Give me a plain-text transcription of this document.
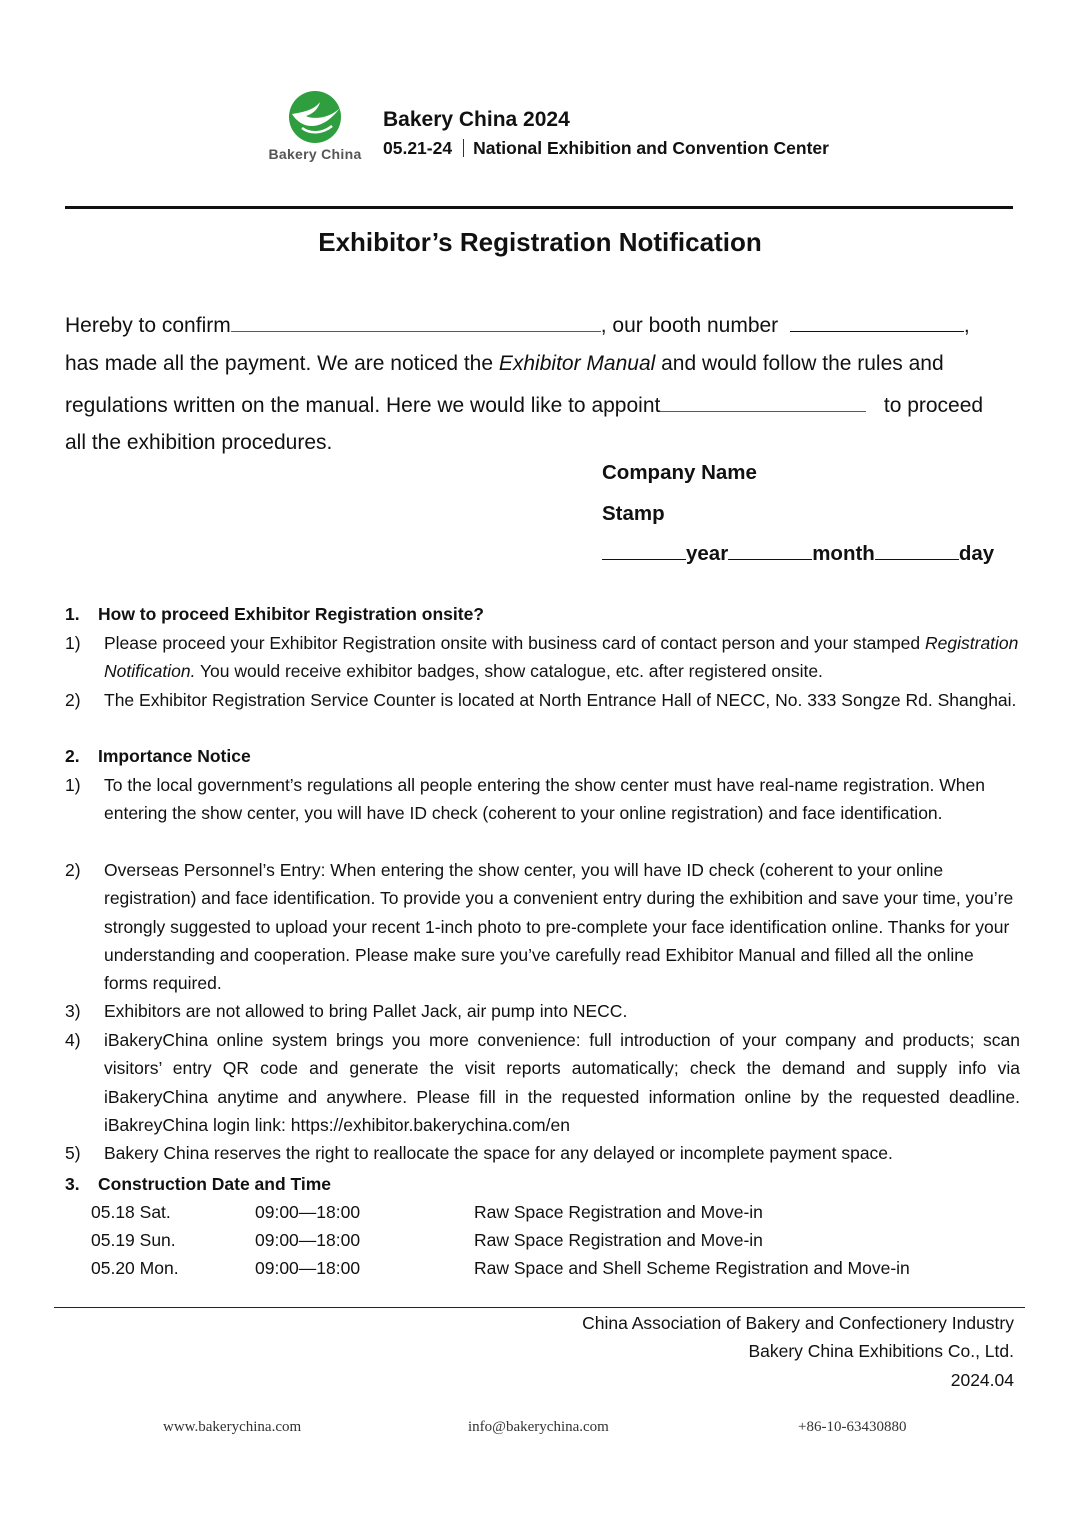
Bakery China
Bakery China 2024
05.21-24 National Exhibition and Convention Center
Exhibitor’s Registration Notification
Hereby to confirm	, our booth number	,
has made all the payment. We are noticed the Exhibitor Manual and would follow the rules and
regulations written on the manual. Here we would like to appoint	to proceed
all the exhibition procedures.
Company Name
Stamp
year	month	day
1. How to proceed Exhibitor Registration onsite?
1) Please proceed your Exhibitor Registration onsite with business card of contact person and your stamped Registration Notification. You would receive exhibitor badges, show catalogue, etc. after registered onsite.
2) The Exhibitor Registration Service Counter is located at North Entrance Hall of NECC, No. 333 Songze Rd. Shanghai.
2. Importance Notice
1) To the local government’s regulations all people entering the show center must have real-name registration. When entering the show center, you will have ID check (coherent to your online registration) and face identification.
2) Overseas Personnel’s Entry: When entering the show center, you will have ID check (coherent to your online registration) and face identification. To provide you a convenient entry during the exhibition and save your time, you’re strongly suggested to upload your recent 1-inch photo to pre-complete your face identification online. Thanks for your understanding and cooperation. Please make sure you’ve carefully read Exhibitor Manual and filled all the online forms required.
3) Exhibitors are not allowed to bring Pallet Jack, air pump into NECC.
4) iBakeryChina online system brings you more convenience: full introduction of your company and products; scan visitors’ entry QR code and generate the visit reports automatically; check the demand and supply info via iBakeryChina anytime and anywhere. Please fill in the requested information online by the requested deadline. iBakreyChina login link: https://exhibitor.bakerychina.com/en
5) Bakery China reserves the right to reallocate the space for any delayed or incomplete payment space.
3. Construction Date and Time
05.18 Sat.	09:00—18:00	Raw Space Registration and Move-in
05.19 Sun.	09:00—18:00	Raw Space Registration and Move-in
05.20 Mon.	09:00—18:00	Raw Space and Shell Scheme Registration and Move-in
China Association of Bakery and Confectionery Industry
Bakery China Exhibitions Co., Ltd.
2024.04
www.bakerychina.com	info@bakerychina.com	+86-10-63430880
